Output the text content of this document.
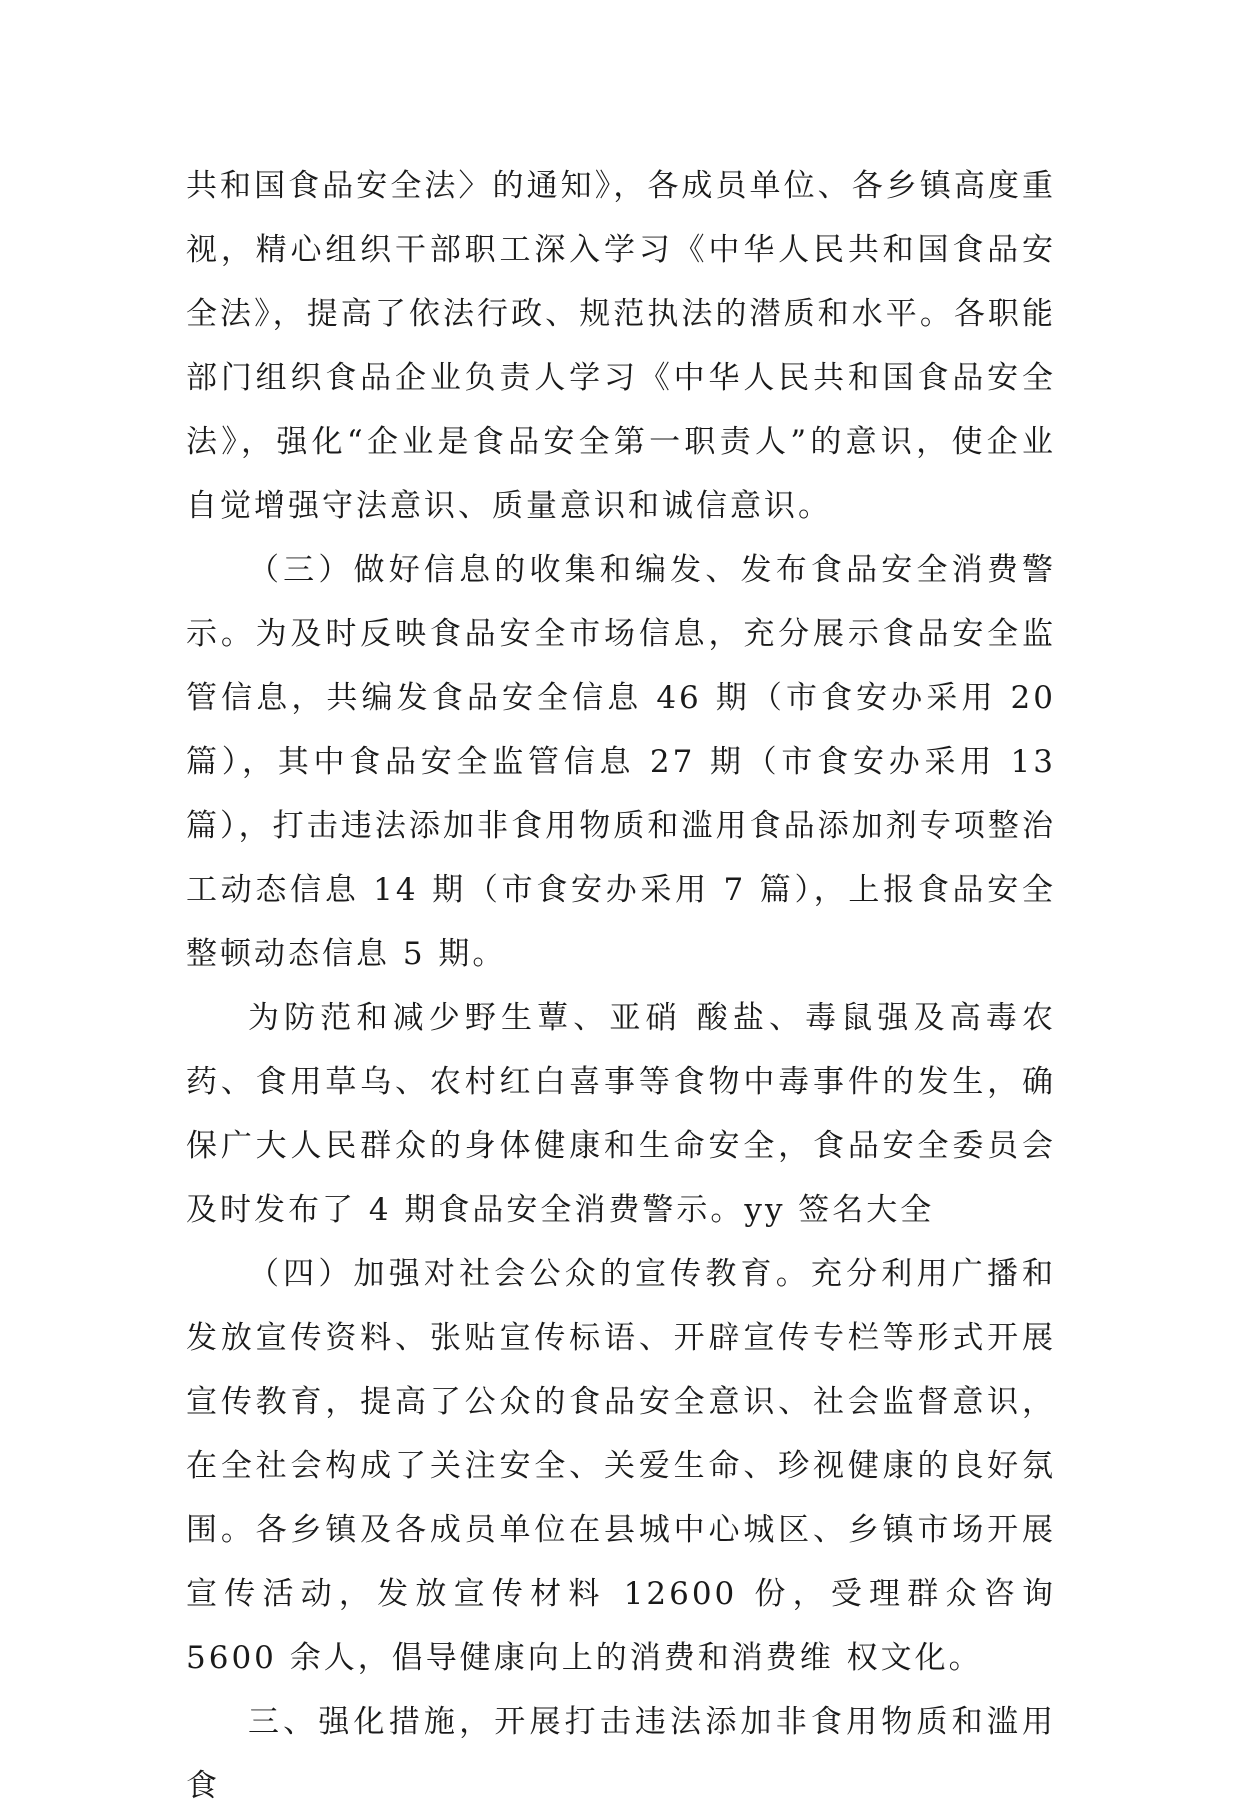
共和国食品安全法〉的通知》，各成员单位、各乡镇高度重视，精心组织干部职工深入学习《中华人民共和国食品安全法》，提高了依法行政、规范执法的潜质和水平。各职能部门组织食品企业负责人学习《中华人民共和国食品安全法》，强化“企业是食品安全第一职责人”的意识，使企业自觉增强守法意识、质量意识和诚信意识。

（三）做好信息的收集和编发、发布食品安全消费警示。为及时反映食品安全市场信息，充分展示食品安全监管信息，共编发食品安全信息 46 期（市食安办采用 20 篇），其中食品安全监管信息 27 期（市食安办采用 13 篇），打击违法添加非食用物质和滥用食品添加剂专项整治工动态信息 14 期（市食安办采用 7 篇），上报食品安全整顿动态信息 5 期。

为防范和减少野生蕈、亚硝 酸盐、毒鼠强及高毒农药、食用草乌、农村红白喜事等食物中毒事件的发生，确保广大人民群众的身体健康和生命安全，食品安全委员会及时发布了 4 期食品安全消费警示。yy 签名大全

（四）加强对社会公众的宣传教育。充分利用广播和发放宣传资料、张贴宣传标语、开辟宣传专栏等形式开展宣传教育，提高了公众的食品安全意识、社会监督意识，在全社会构成了关注安全、关爱生命、珍视健康的良好氛围。各乡镇及各成员单位在县城中心城区、乡镇市场开展宣传活动，发放宣传材料 12600 份，受理群众咨询 5600 余人，倡导健康向上的消费和消费维 权文化。

三、强化措施，开展打击违法添加非食用物质和滥用食
